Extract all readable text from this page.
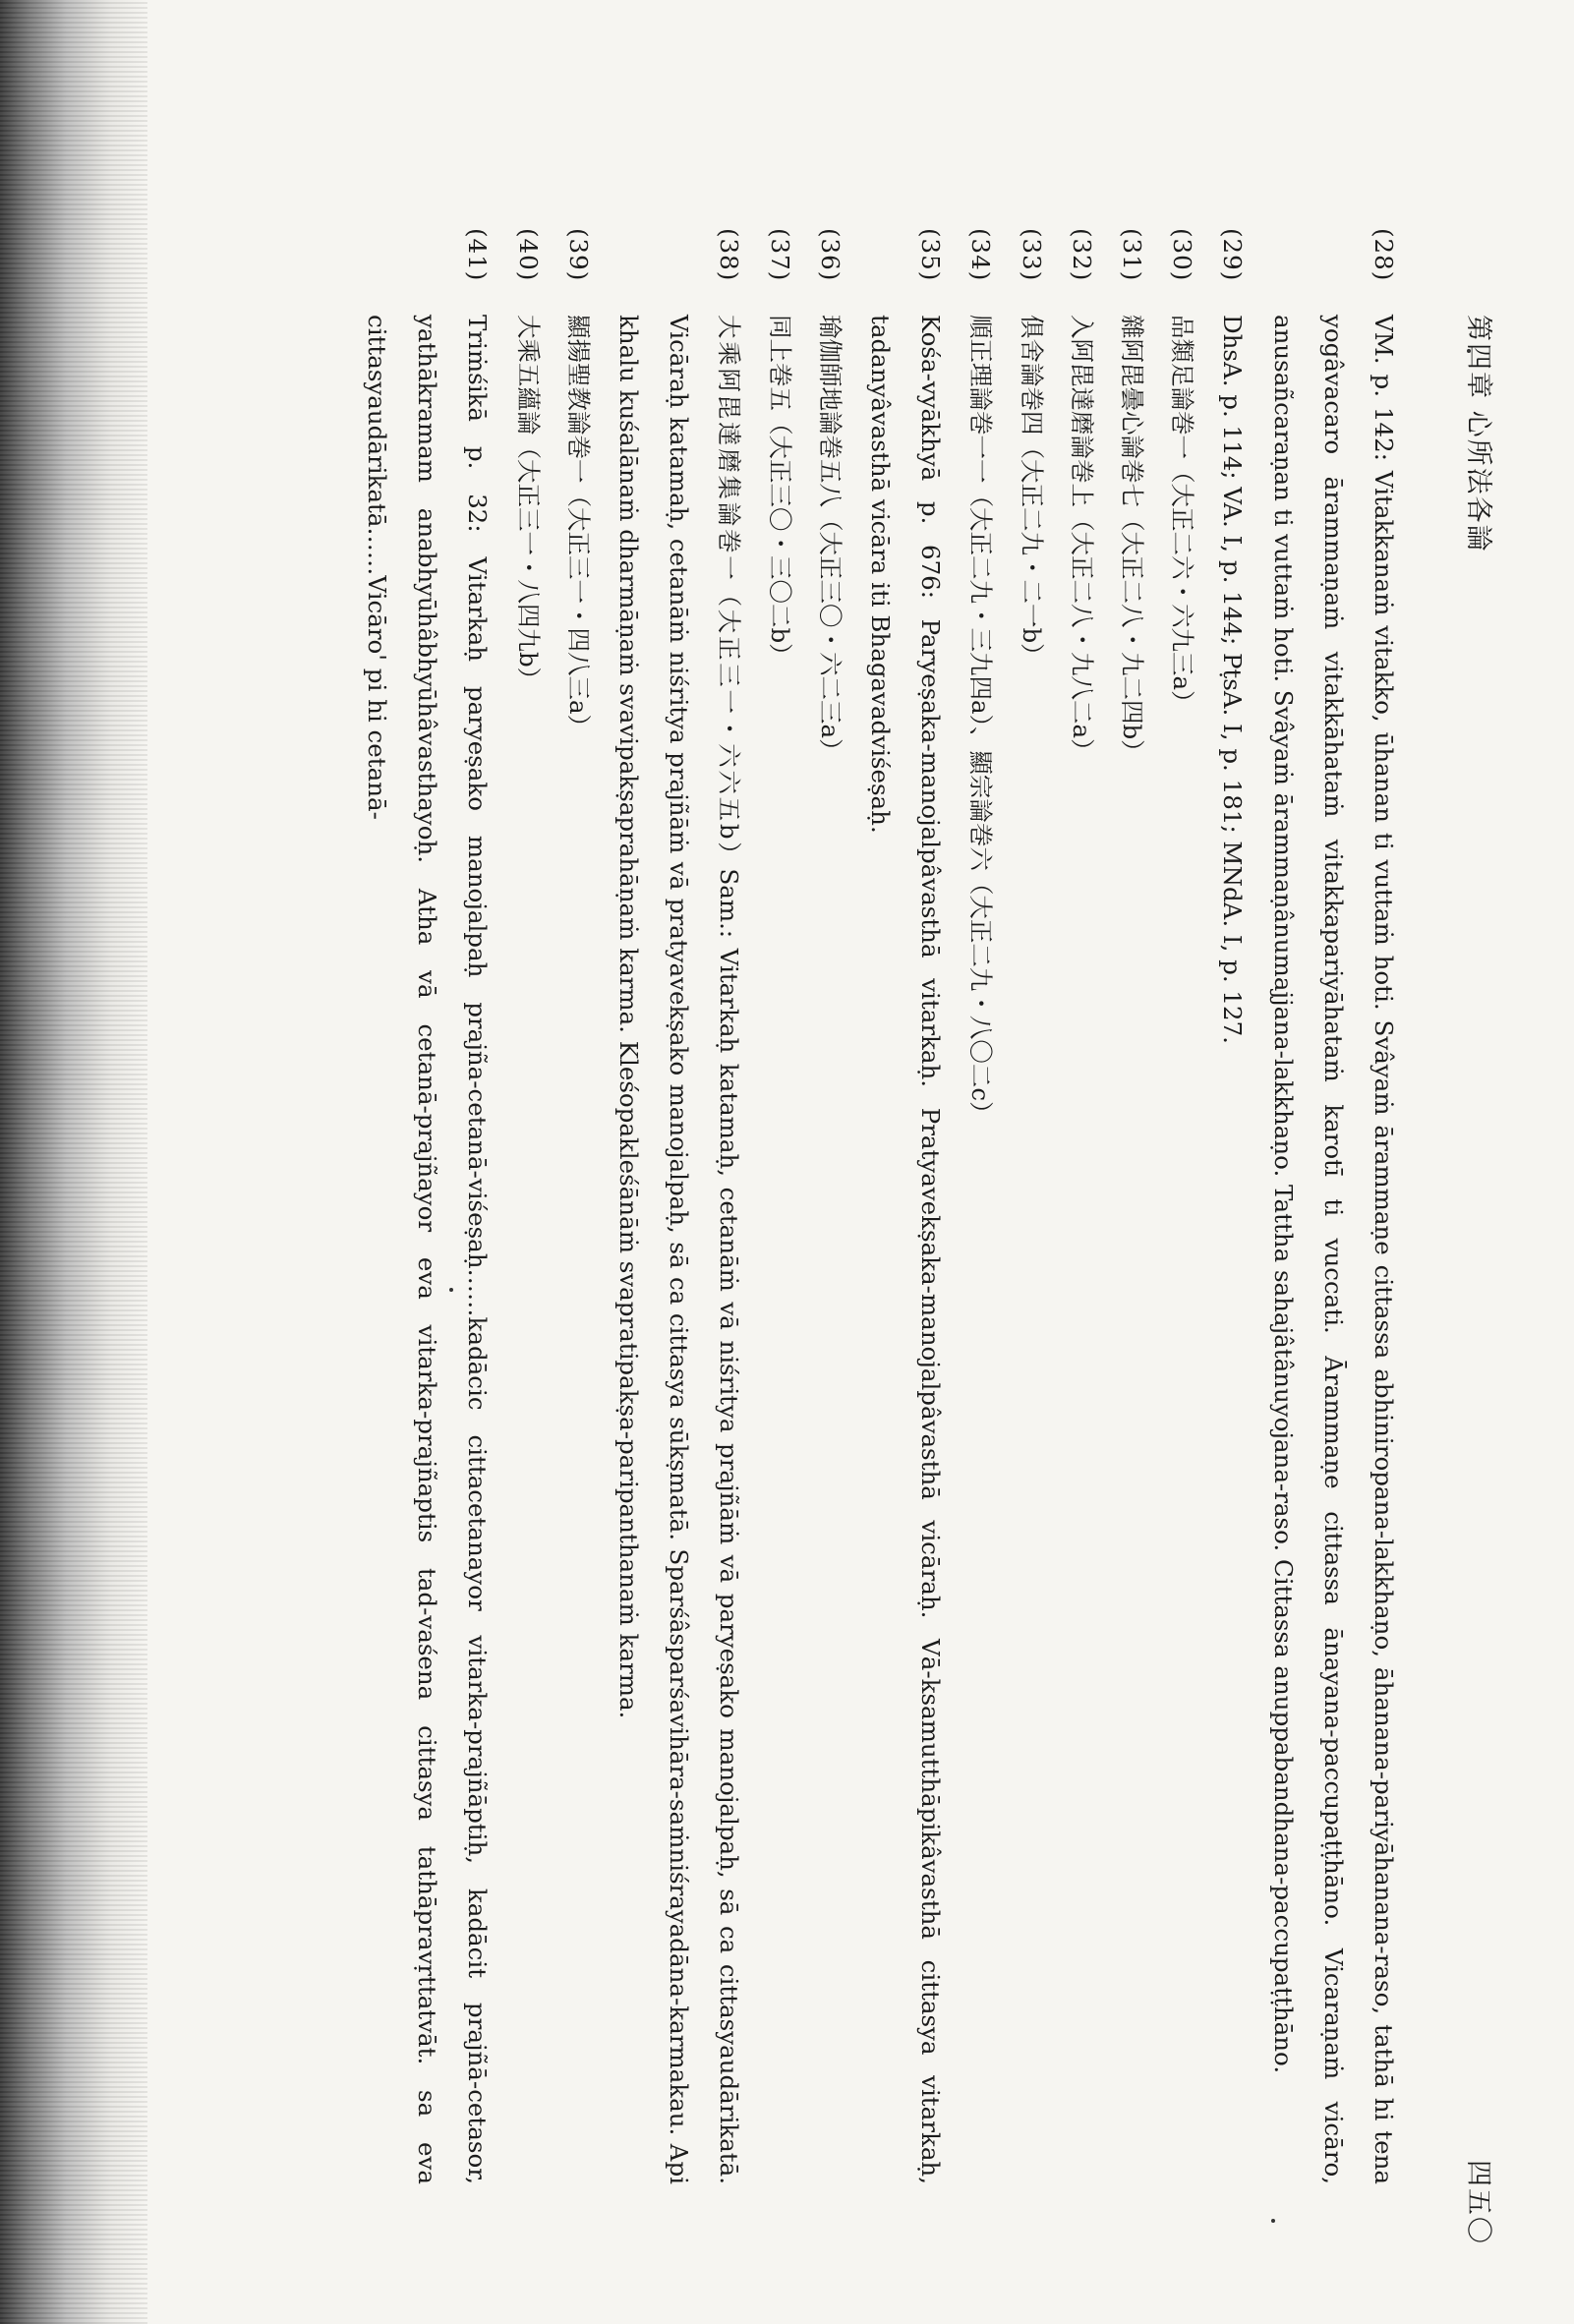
第四章 心所法各論
四五〇
(28)
VM. p. 142: Vitakkanaṁ vitakko, ūhanan ti vuttaṁ hoti. Svâyaṁ ārammaṇe cittassa abhiniropana-lakkhaṇo, āhanana-pariyāhanana-raso, tathā hi tena yogâvacaro ārammaṇaṁ vitakkāhataṁ vitakkapariyāhataṁ karotī ti vuccati. Ārammaṇe cittassa ānayana-paccupaṭṭhāno. Vicaraṇaṁ vicāro, anusañcaraṇan ti vuttaṁ hoti. Svâyaṁ ārammaṇânumajjana-lakkhaṇo. Tattha sahajâtânuyojana-raso. Cittassa anuppabandhana-paccupaṭṭhāno.
(29)
DhsA. p. 114; VA. I, p. 144; PṭsA. I, p. 181; MNdA. I, p. 127.
(30)
品類足論巻一（大正二六・六九三a）
(31)
雜阿毘曇心論巻七（大正二八・九二四b）
(32)
入阿毘達磨論巻上（大正二八・九八二a）
(33)
俱舍論巻四（大正二九・二一b）
(34)
順正理論巻一一（大正二九・三九四a）、顯宗論巻六（大正二九・八〇二c）
(35)
Kośa-vyākhyā p. 676: Paryeṣaka-manojalpâvasthā vitarkaḥ. Pratyavekṣaka-manojalpâvasthā vicāraḥ. Vā-ksamutthāpikâvasthā cittasya vitarkaḥ, tadanyâvasthā vicāra iti Bhagavadviśeṣaḥ.
(36)
瑜伽師地論巻五八（大正三〇・六二三a）
(37)
同上巻五（大正三〇・三〇二b）
(38)
大乘阿毘達磨集論巻一（大正三一・六六五b）Sam.: Vitarkaḥ katamaḥ, cetanāṁ vā niśritya prajñāṁ vā paryeṣako manojalpaḥ, sā ca cittasyaudārikatā. Vicāraḥ katamaḥ, cetanāṁ niśritya prajñāṁ vā pratyavekṣako manojalpaḥ, sā ca cittasya sūkṣmatā. Sparśâsparśavihāra-saṁniśrayadāna-karmakau. Api khalu kuśalānaṁ dharmāṇaṁ svavipakṣaprahāṇaṁ karma. Kleśopakleśānāṁ svapratipakṣa-paripanthanaṁ karma.
(39)
顯揚聖教論巻一（大正三一・四八三a）
(40)
大乘五蘊論（大正三一・八四九b）
(41)
Triṁśikā p. 32: Vitarkaḥ paryeṣako manojalpaḥ prajña-cetanā-viśeṣaḥ……kadācic cittacetanayor vitarka-prajñāptiḥ, kadācit prajñā-cetasor, yathākramam anabhyūhâbhyūhâvasthayoḥ. Atha vā cetanā-prajñayor eva vitarka-prajñaptis tad-vaśena cittasya tathāpravṛttatvāt. sa eva cittasyaudārikatā……Vicāro' pi hi cetanā-
